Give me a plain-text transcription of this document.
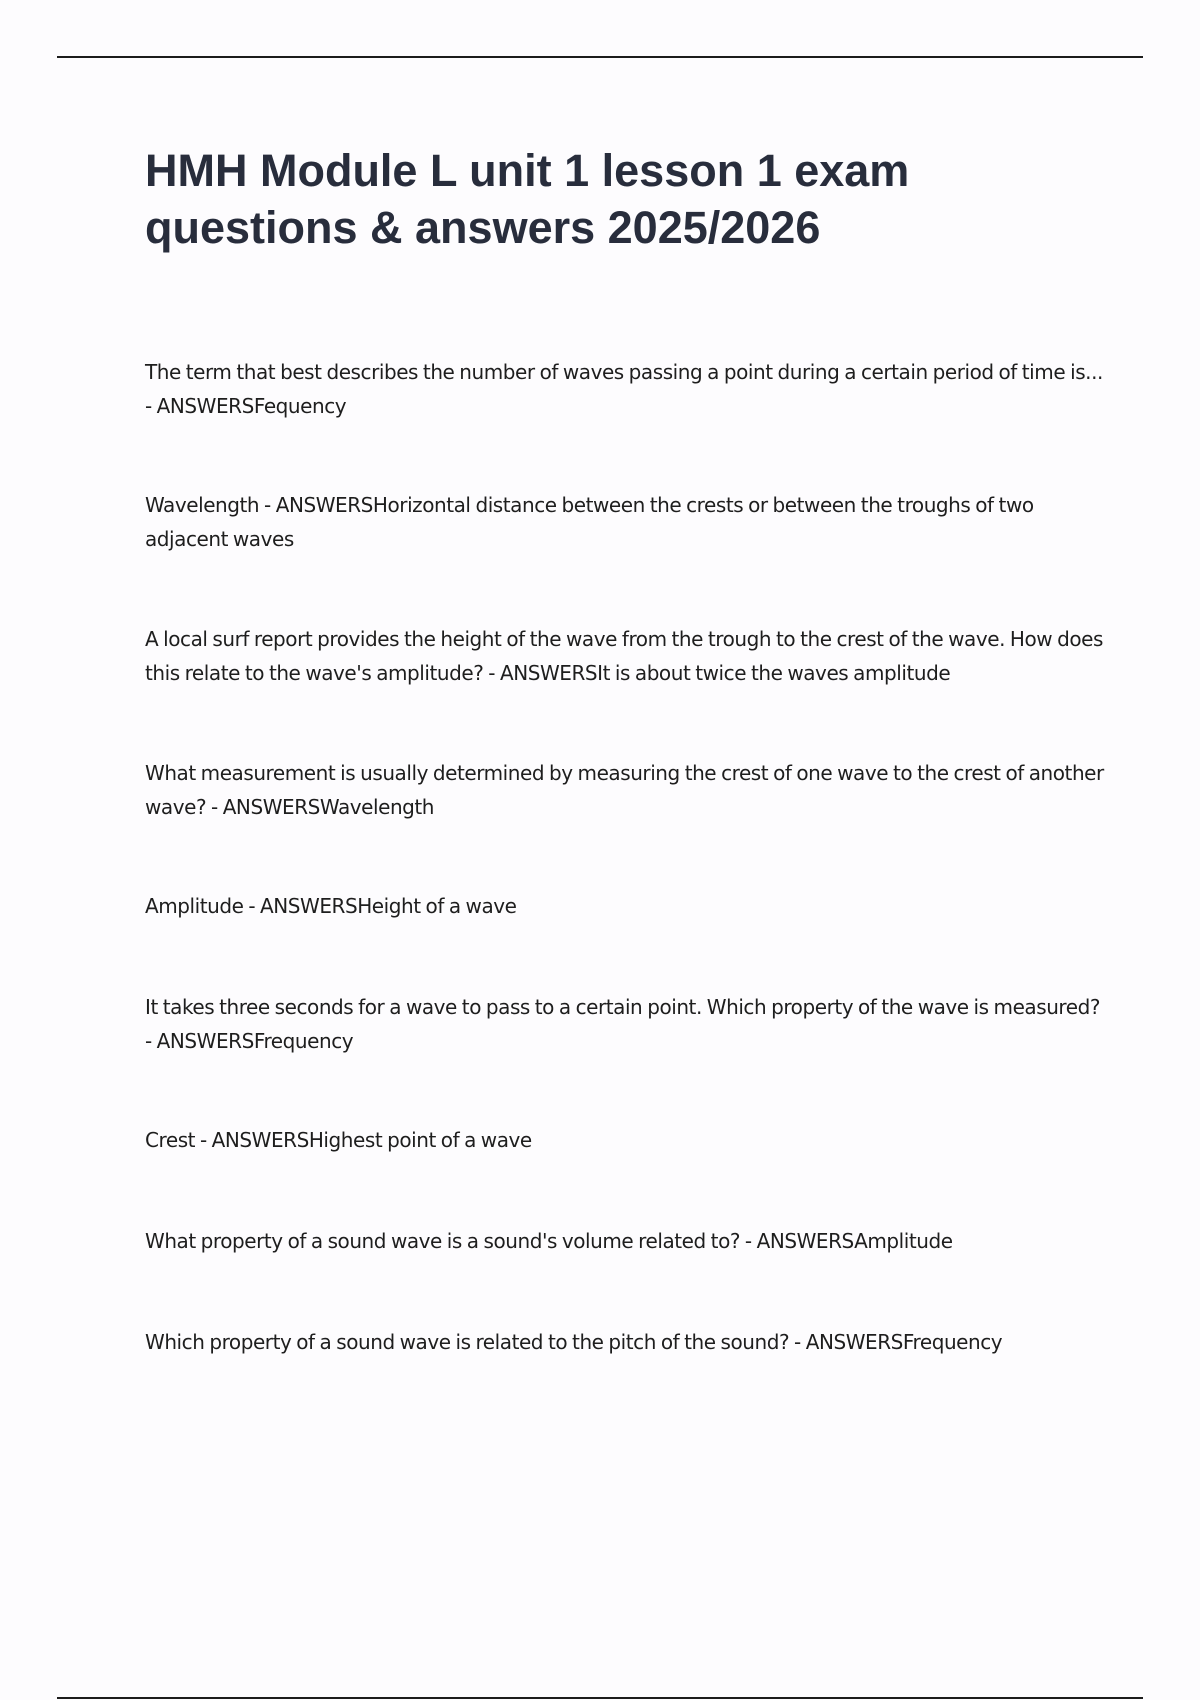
HMH Module L unit 1 lesson 1 exam questions & answers 2025/2026

The term that best describes the number of waves passing a point during a certain period of time is... - ANSWERSFequency

Wavelength - ANSWERSHorizontal distance between the crests or between the troughs of two adjacent waves

A local surf report provides the height of the wave from the trough to the crest of the wave. How does this relate to the wave's amplitude? - ANSWERSIt is about twice the waves amplitude

What measurement is usually determined by measuring the crest of one wave to the crest of another wave? - ANSWERSWavelength

Amplitude - ANSWERSHeight of a wave

It takes three seconds for a wave to pass to a certain point. Which property of the wave is measured? - ANSWERSFrequency

Crest - ANSWERSHighest point of a wave

What property of a sound wave is a sound's volume related to? - ANSWERSAmplitude

Which property of a sound wave is related to the pitch of the sound? - ANSWERSFrequency
